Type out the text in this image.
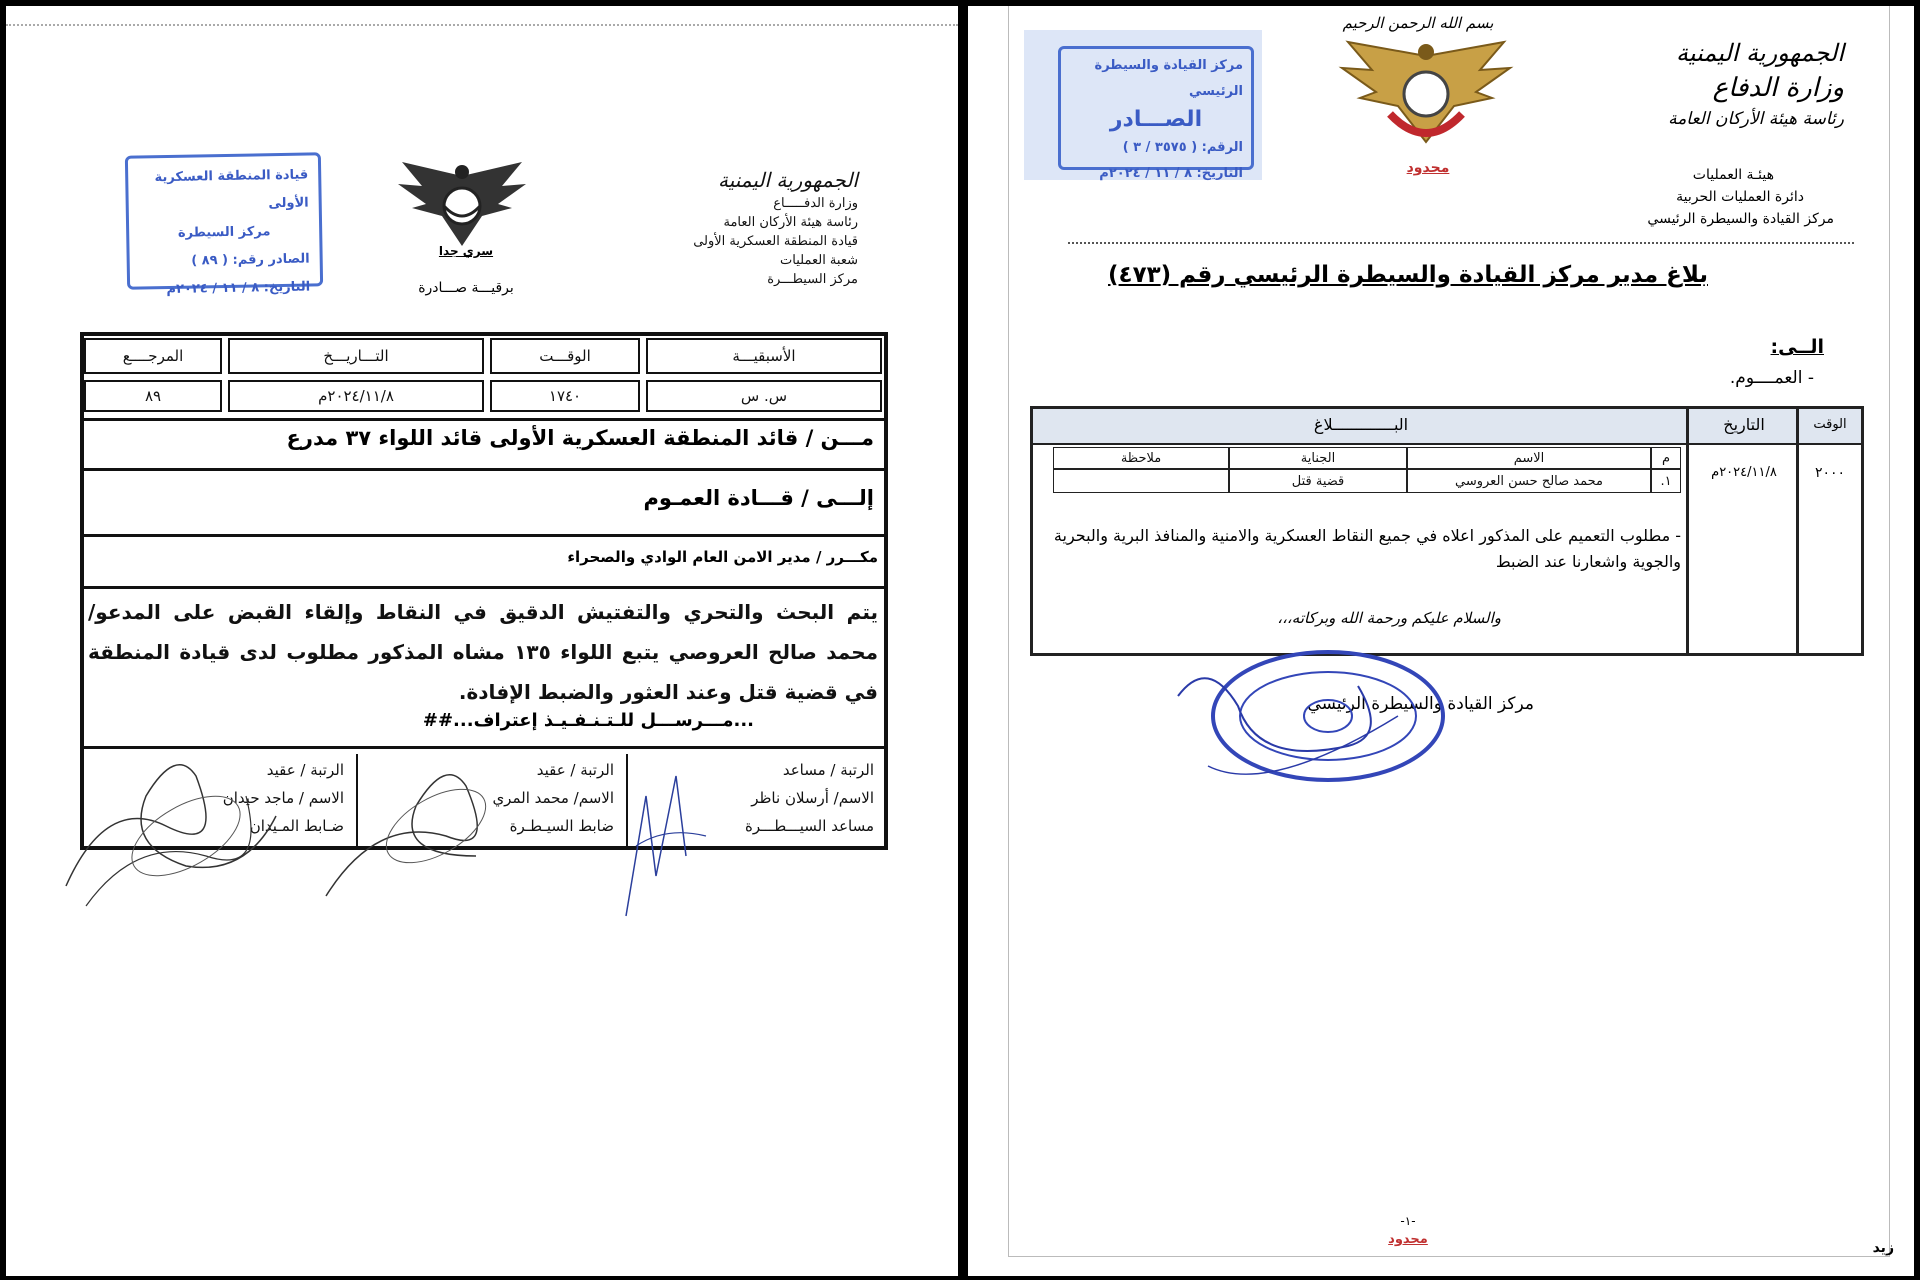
الجمهورية اليمنية
وزارة الدفـــــاع
رئاسة هيئة الأركان العامة
قيادة المنطقة العسكرية الأولى
شعبة العمليات
مركز السيطـــرة
سري جدا
برقيـــة صـــادرة
قيادة المنطقة العسكرية الأولى
مركز السيطرة
الصادر رقم: ( ٨٩ )
التاريخ: ٨ / ١١ / ٢٠٢٤م
الأسبقيـــة
الوقـــت
التـــاريـــخ
المرجــــع
س. س
١٧٤٠
٢٠٢٤/١١/٨م
٨٩
مـــن / قائد المنطقة العسكرية الأولى قائد اللواء ٣٧ مدرع
إلـــى / قـــادة العمـوم
مكـــرر / مدير الامن العام الوادي والصحراء
يتم البحث والتحري والتفتيش الدقيق في النقاط وإلقاء القبض على المدعو/ محمد صالح العروصي يتبع اللواء ١٣٥ مشاه المذكور مطلوب لدى قيادة المنطقة في قضية قتل وعند العثور والضبط الإفادة.
...مـــرســـل للـتـنـفـيـذ إعتراف...##
الرتبة / مساعد
الاسم/ أرسلان ناظر
مساعد السيـــطـــرة
الرتبة / عقيد
الاسم/ محمد المري
ضابط السيـطـرة
الرتبة / عقيد
الاسم / ماجد حيدان
ضـابط المـيدان
بسم الله الرحمن الرحيم
الجمهورية اليمنية
وزارة الدفاع
رئاسة هيئة الأركان العامة
هيئـة العمليات
دائرة العمليات الحربية
مركز القيادة والسيطرة الرئيسي
محدود
مركز القيادة والسيطرة الرئيسي
الصـــادر
الرقم: ( ٣٥٧٥ / ٣ )
التاريخ: ٨ / ١١ / ٢٠٢٤م
بلاغ مدير مركز القيادة والسيطرة الرئيسي رقم (٤٧٣)
الــى:
- العمــــوم.
الوقت
التاريخ
البـــــــــــــلاغ
٢٠٠٠
٢٠٢٤/١١/٨م
م
الاسم
الجناية
ملاحظة
١.
محمد صالح حسن العروسي
قضية قتل
- مطلوب التعميم على المذكور اعلاه في جميع النقاط العسكرية والامنية والمنافذ البرية والبحرية والجوية واشعارنا عند الضبط
والسلام عليكم ورحمة الله وبركاته،،،
مركز القيادة والسيطرة الرئيسي
-١-
محدود
زيد
